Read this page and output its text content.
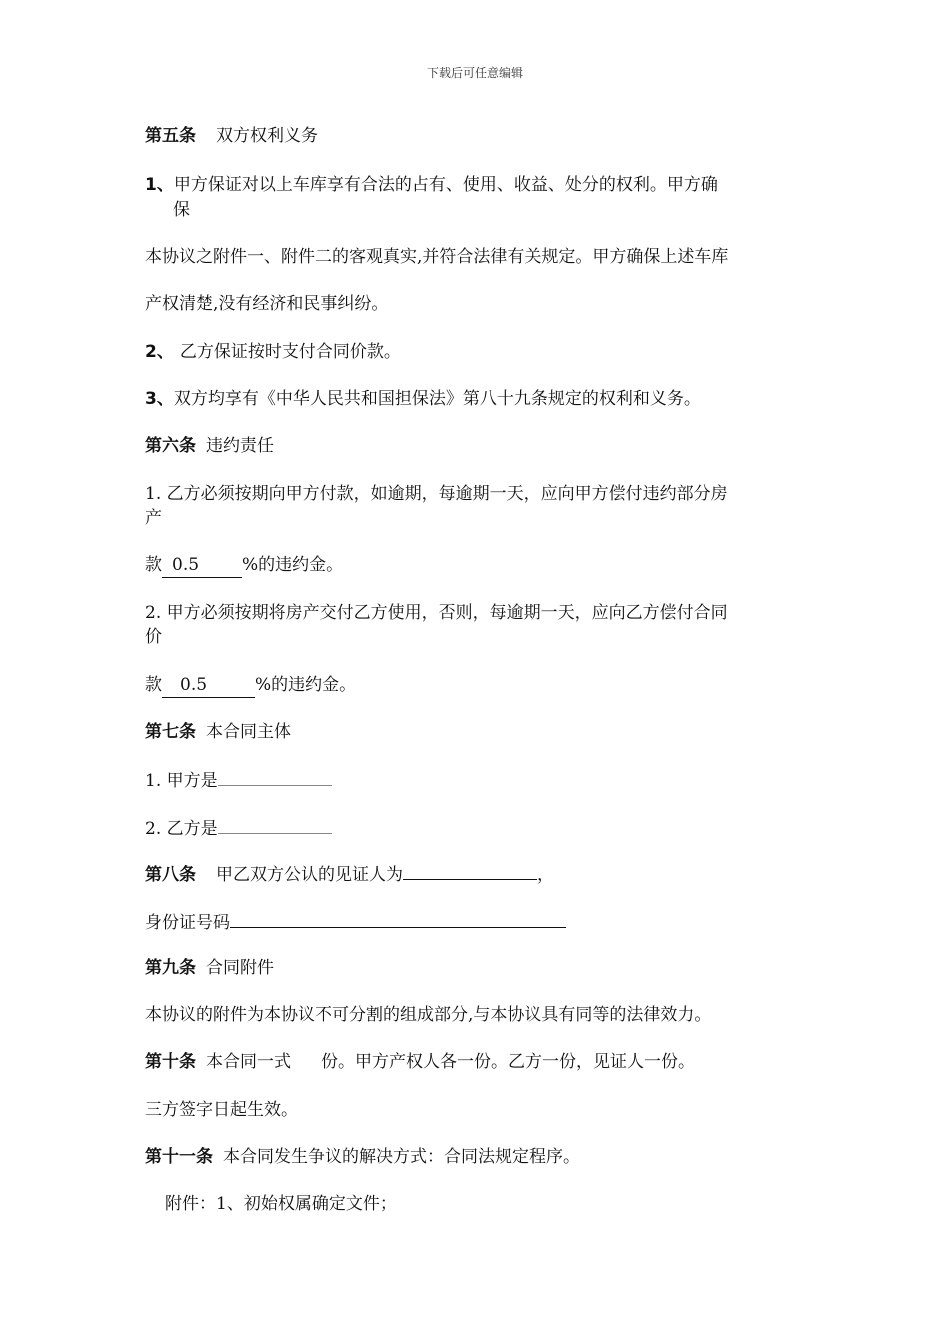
下载后可任意编辑
第五条 双方权利义务
1、甲方保证对以上车库享有合法的占有、使用、收益、处分的权利。甲方确
保
本协议之附件一、附件二的客观真实,并符合法律有关规定。甲方确保上述车库
产权清楚,没有经济和民事纠纷。
2、 乙方保证按时支付合同价款。
3、双方均享有《中华人民共和国担保法》第八十九条规定的权利和义务。
第六条 违约责任
1. 乙方必须按期向甲方付款，如逾期，每逾期一天，应向甲方偿付违约部分房
产
款 0.5	%的违约金。
2. 甲方必须按期将房产交付乙方使用，否则，每逾期一天，应向乙方偿付合同
价
款 0.5	%的违约金。
第七条 本合同主体
1. 甲方是
2. 乙方是
第八条 甲乙双方公认的见证人为	，
身份证号码
第九条 合同附件
本协议的附件为本协议不可分割的组成部分,与本协议具有同等的法律效力。
第十条 本合同一式 份。甲方产权人各一份。乙方一份，见证人一份。
三方签字日起生效。
第十一条 本合同发生争议的解决方式：合同法规定程序。
附件：1、初始权属确定文件；
